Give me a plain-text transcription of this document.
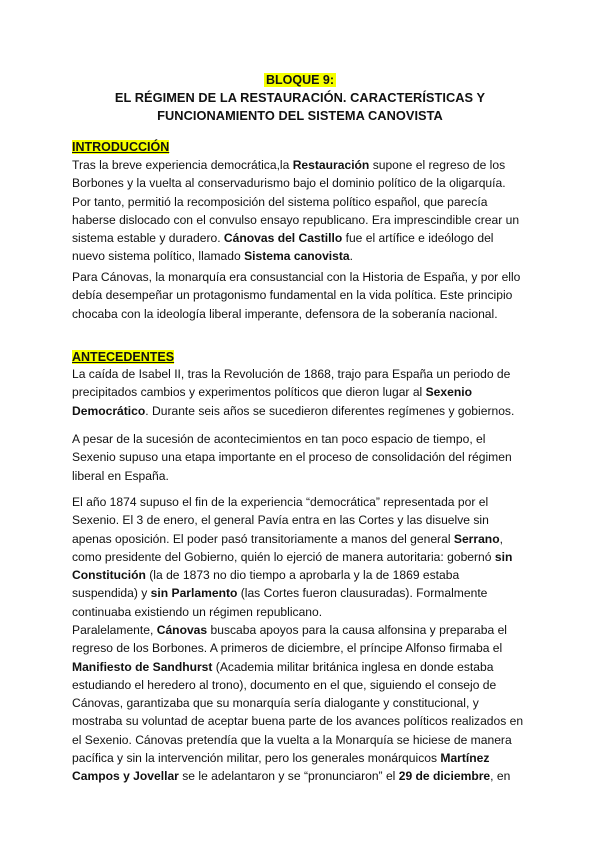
BLOQUE 9:
EL RÉGIMEN DE LA RESTAURACIÓN. CARACTERÍSTICAS Y
FUNCIONAMIENTO DEL SISTEMA CANOVISTA
INTRODUCCIÓN
Tras la breve experiencia democrática,la Restauración supone el regreso de los
Borbones y la vuelta al conservadurismo bajo el dominio político de la oligarquía.
Por tanto, permitió la recomposición del sistema político español, que parecía
haberse dislocado con el convulso ensayo republicano. Era imprescindible crear un
sistema estable y duradero. Cánovas del Castillo fue el artífice e ideólogo del
nuevo sistema político, llamado Sistema canovista.
Para Cánovas, la monarquía era consustancial con la Historia de España, y por ello
debía desempeñar un protagonismo fundamental en la vida política. Este principio
chocaba con la ideología liberal imperante, defensora de la soberanía nacional.
ANTECEDENTES
La caída de Isabel II, tras la Revolución de 1868, trajo para España un periodo de
precipitados cambios y experimentos políticos que dieron lugar al Sexenio
Democrático. Durante seis años se sucedieron diferentes regímenes y gobiernos.
A pesar de la sucesión de acontecimientos en tan poco espacio de tiempo, el
Sexenio supuso una etapa importante en el proceso de consolidación del régimen
liberal en España.
El año 1874 supuso el fin de la experiencia “democrática” representada por el
Sexenio. El 3 de enero, el general Pavía entra en las Cortes y las disuelve sin
apenas oposición. El poder pasó transitoriamente a manos del general Serrano,
como presidente del Gobierno, quién lo ejerció de manera autoritaria: gobernó sin
Constitución (la de 1873 no dio tiempo a aprobarla y la de 1869 estaba
suspendida) y sin Parlamento (las Cortes fueron clausuradas). Formalmente
continuaba existiendo un régimen republicano.
Paralelamente, Cánovas buscaba apoyos para la causa alfonsina y preparaba el
regreso de los Borbones. A primeros de diciembre, el príncipe Alfonso firmaba el
Manifiesto de Sandhurst (Academia militar británica inglesa en donde estaba
estudiando el heredero al trono), documento en el que, siguiendo el consejo de
Cánovas, garantizaba que su monarquía sería dialogante y constitucional, y
mostraba su voluntad de aceptar buena parte de los avances políticos realizados en
el Sexenio. Cánovas pretendía que la vuelta a la Monarquía se hiciese de manera
pacífica y sin la intervención militar, pero los generales monárquicos Martínez
Campos y Jovellar se le adelantaron y se “pronunciaron” el 29 de diciembre, en
